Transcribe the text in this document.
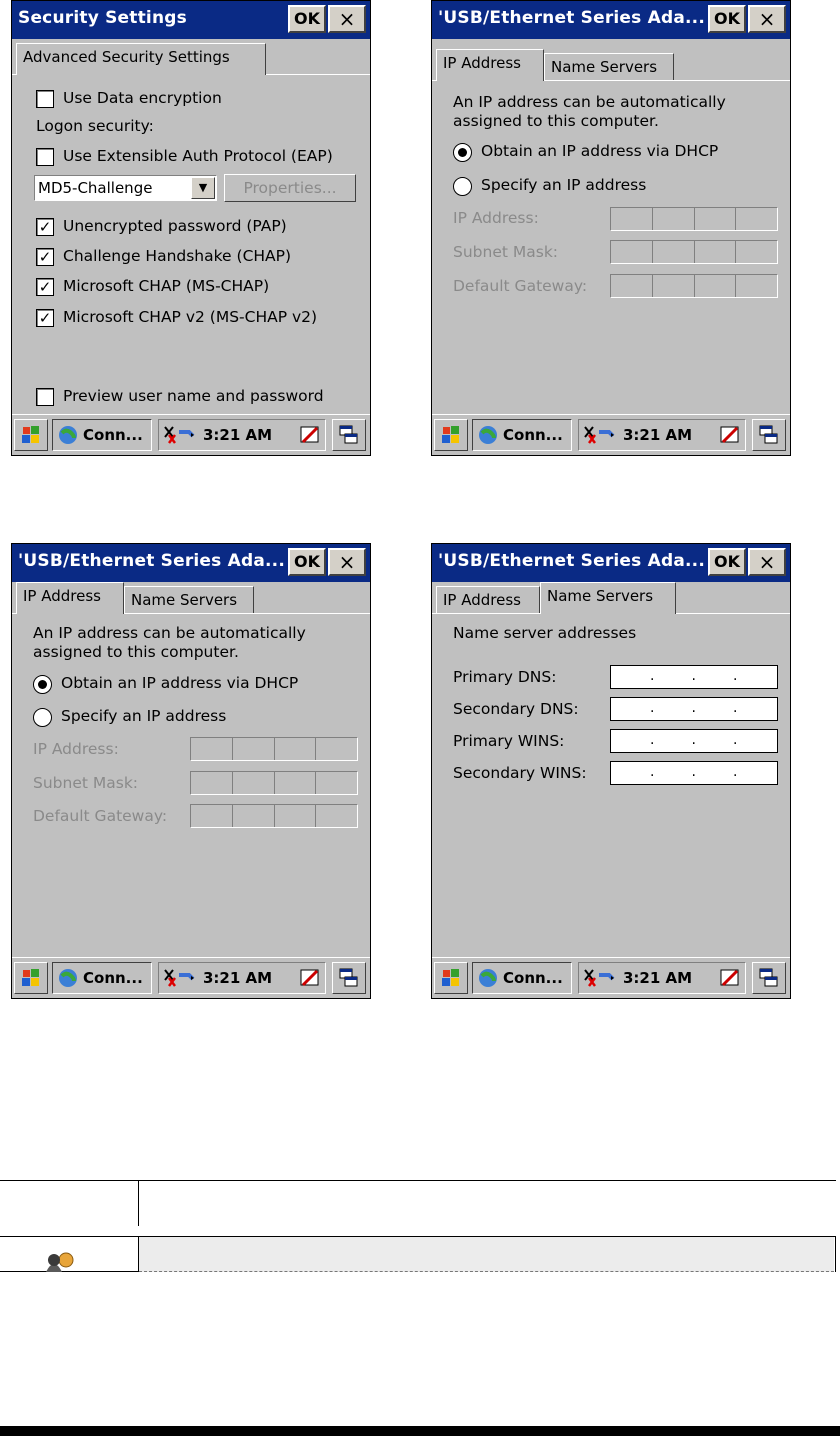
Security Settings	OK ×
Advanced Security Settings
Use Data encryption
Logon security:
Use Extensible Auth Protocol (EAP)
MD5-Challenge	▼	Properties...
✓ Unencrypted password (PAP)
✓ Challenge Handshake (CHAP)
✓ Microsoft CHAP (MS-CHAP)
✓ Microsoft CHAP v2 (MS-CHAP v2)
Preview user name and password
Conn...	3:21 AM
'USB/Ethernet Series Ada... OK ×
IP Address	Name Servers
An IP address can be automatically
assigned to this computer.
Obtain an IP address via DHCP
Specify an IP address
IP Address:
Subnet Mask:
Default Gateway:
Conn...	3:21 AM
'USB/Ethernet Series Ada... OK ×
IP Address	Name Servers
An IP address can be automatically
assigned to this computer.
Obtain an IP address via DHCP
Specify an IP address
IP Address:
Subnet Mask:
Default Gateway:
Conn...	3:21 AM
'USB/Ethernet Series Ada... OK ×
IP Address	Name Servers
Name server addresses
Primary DNS:
.
.
.
Secondary DNS:
.
.
.
Primary WINS:
.
.
.
Secondary WINS:
.
.
.
Conn...	3:21 AM
